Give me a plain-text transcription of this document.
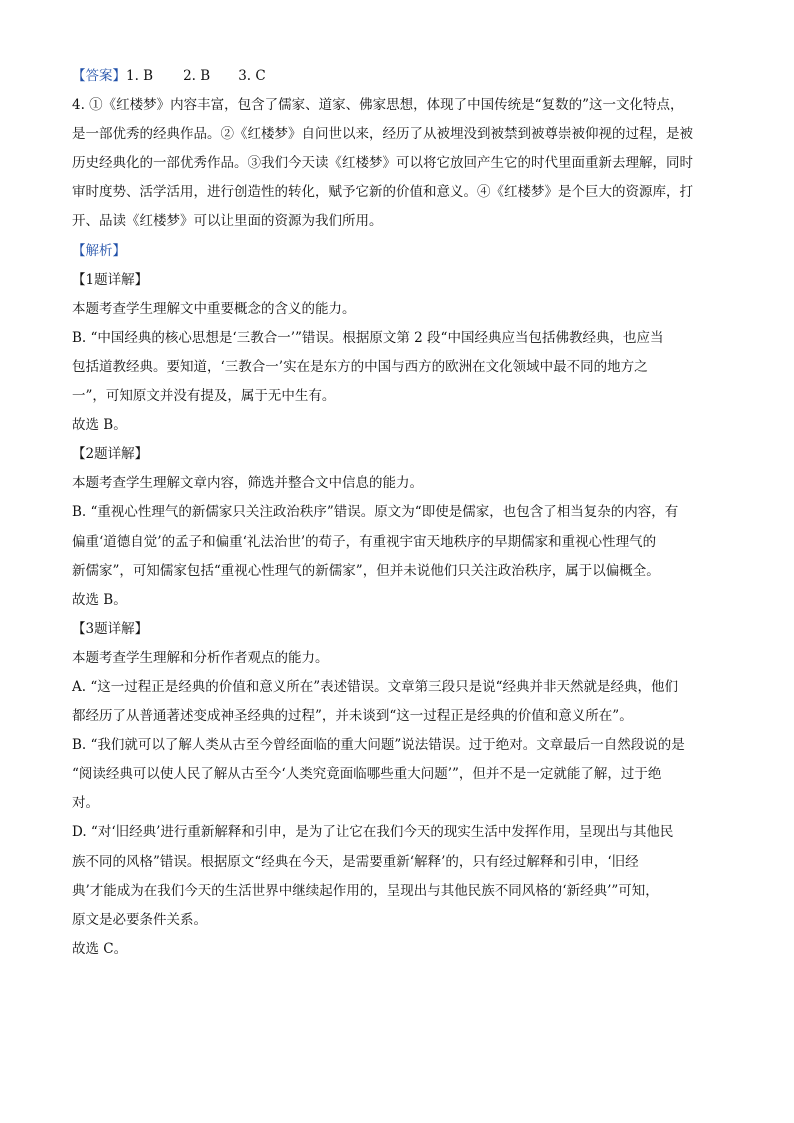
【答案】1. B 2. B 3. C
4. ①《红楼梦》内容丰富，包含了儒家、道家、佛家思想，体现了中国传统是“复数的”这一文化特点，
是一部优秀的经典作品。②《红楼梦》自问世以来，经历了从被埋没到被禁到被尊崇被仰视的过程，是被
历史经典化的一部优秀作品。③我们今天读《红楼梦》可以将它放回产生它的时代里面重新去理解，同时
审时度势、活学活用，进行创造性的转化，赋予它新的价值和意义。④《红楼梦》是个巨大的资源库，打
开、品读《红楼梦》可以让里面的资源为我们所用。
【解析】
【1题详解】
本题考查学生理解文中重要概念的含义的能力。
B. “中国经典的核心思想是‘三教合一’”错误。根据原文第 2 段“中国经典应当包括佛教经典，也应当
包括道教经典。要知道，‘三教合一’实在是东方的中国与西方的欧洲在文化领域中最不同的地方之
一”，可知原文并没有提及，属于无中生有。
故选 B。
【2题详解】
本题考查学生理解文章内容，筛选并整合文中信息的能力。
B. “重视心性理气的新儒家只关注政治秩序”错误。原文为“即使是儒家，也包含了相当复杂的内容，有
偏重‘道德自觉’的孟子和偏重‘礼法治世’的荀子，有重视宇宙天地秩序的早期儒家和重视心性理气的
新儒家”，可知儒家包括“重视心性理气的新儒家”，但并未说他们只关注政治秩序，属于以偏概全。
故选 B。
【3题详解】
本题考查学生理解和分析作者观点的能力。
A. “这一过程正是经典的价值和意义所在”表述错误。文章第三段只是说“经典并非天然就是经典，他们
都经历了从普通著述变成神圣经典的过程”，并未谈到“这一过程正是经典的价值和意义所在”。
B. “我们就可以了解人类从古至今曾经面临的重大问题”说法错误。过于绝对。文章最后一自然段说的是
“阅读经典可以使人民了解从古至今‘人类究竟面临哪些重大问题’”，但并不是一定就能了解，过于绝
对。
D. “对‘旧经典’进行重新解释和引申，是为了让它在我们今天的现实生活中发挥作用，呈现出与其他民
族不同的风格”错误。根据原文“经典在今天，是需要重新‘解释’的，只有经过解释和引申，‘旧经
典’才能成为在我们今天的生活世界中继续起作用的，呈现出与其他民族不同风格的‘新经典’”可知，
原文是必要条件关系。
故选 C。
